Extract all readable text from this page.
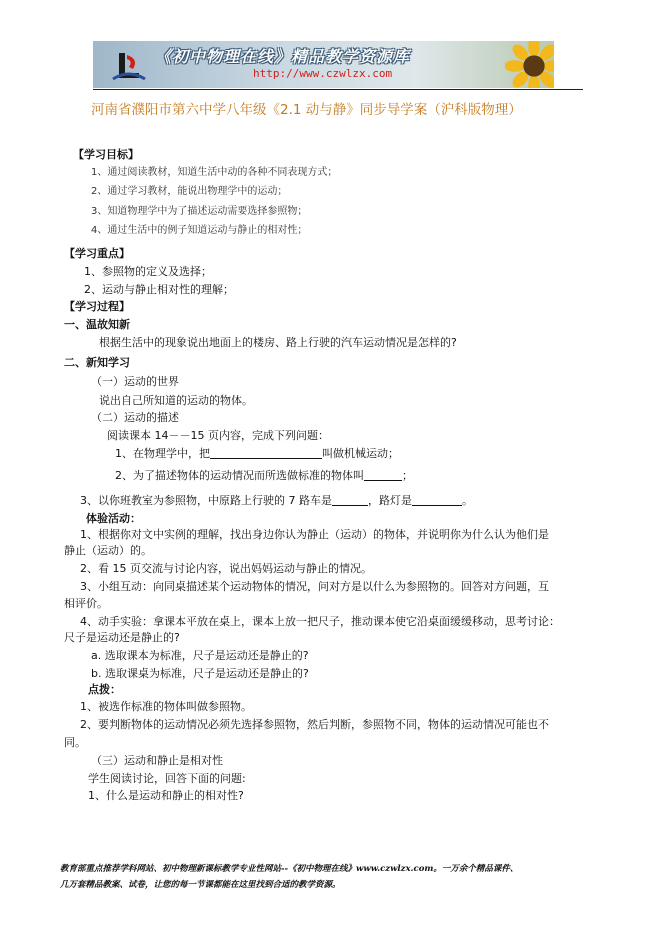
《初中物理在线》精品教学资源库
http://www.czwlzx.com
河南省濮阳市第六中学八年级《2.1 动与静》同步导学案（沪科版物理）
【学习目标】
1、通过阅读教材，知道生活中动的各种不同表现方式；
2、通过学习教材，能说出物理学中的运动；
3、知道物理学中为了描述运动需要选择参照物；
4、通过生活中的例子知道运动与静止的相对性；
【学习重点】
1、参照物的定义及选择；
2、运动与静止相对性的理解；
【学习过程】
一、温故知新
根据生活中的现象说出地面上的楼房、路上行驶的汽车运动情况是怎样的?
二、新知学习
（一）运动的世界
说出自己所知道的运动的物体。
（二）运动的描述
阅读课本 14－－15 页内容，完成下列问题：
1、在物理学中，把	叫做机械运动；
2、为了描述物体的运动情况而所选做标准的物体叫	；
3、以你班教室为参照物，中原路上行驶的 7 路车是	，路灯是	。
体验活动：
1、根据你对文中实例的理解，找出身边你认为静止（运动）的物体，并说明你为什么认为他们是
静止（运动）的。
2、看 15 页交流与讨论内容，说出妈妈运动与静止的情况。
3、小组互动：向同桌描述某个运动物体的情况，问对方是以什么为参照物的。回答对方问题，互
相评价。
4、动手实验：拿课本平放在桌上，课本上放一把尺子，推动课本使它沿桌面缓缓移动，思考讨论：
尺子是运动还是静止的?
a. 选取课本为标准，尺子是运动还是静止的?
b. 选取课桌为标准，尺子是运动还是静止的?
点拨：
1、被选作标准的物体叫做参照物。
2、要判断物体的运动情况必须先选择参照物，然后判断，参照物不同，物体的运动情况可能也不
同。
（三）运动和静止是相对性
学生阅读讨论，回答下面的问题:
1、什么是运动和静止的相对性?
教育部重点推荐学科网站、初中物理新课标教学专业性网站--《初中物理在线》www.czwlzx.com。一万余个精品课件、
几万套精品教案、试卷，让您的每一节课都能在这里找到合适的教学资源。
